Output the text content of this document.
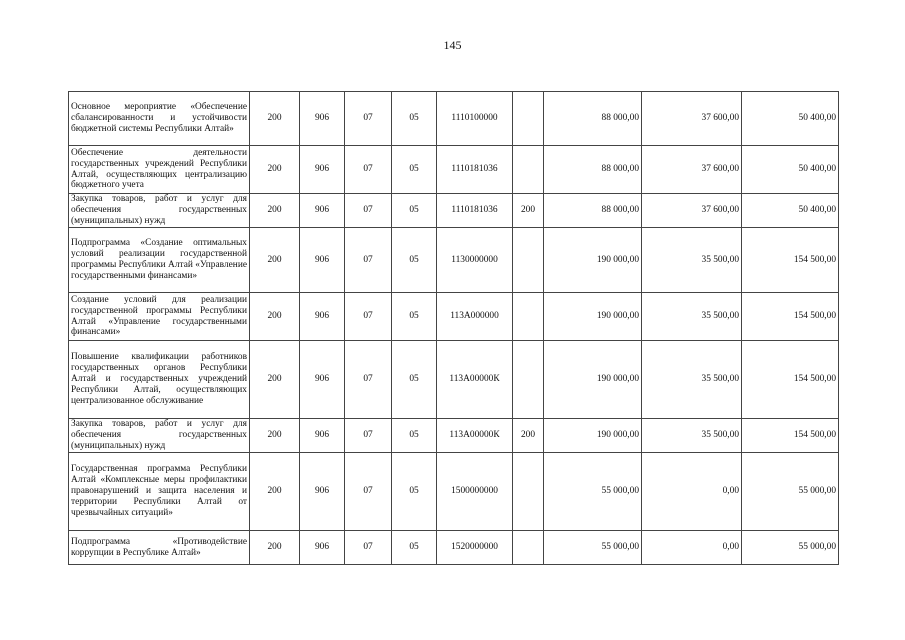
145
Основное мероприятие «Обеспечение сбалансированности и устойчивости бюджетной системы Республики Алтай»	200	906	07	05	1110100000		88 000,00	37 600,00	50 400,00
Обеспечение деятельности государственных учреждений Республики Алтай, осуществляющих централизацию бюджетного учета	200	906	07	05	1110181036		88 000,00	37 600,00	50 400,00
Закупка товаров, работ и услуг для обеспечения государственных (муниципальных) нужд	200	906	07	05	1110181036	200	88 000,00	37 600,00	50 400,00
Подпрограмма «Создание оптимальных условий реализации государственной программы Республики Алтай «Управление государственными финансами»	200	906	07	05	1130000000		190 000,00	35 500,00	154 500,00
Создание условий для реализации государственной программы Республики Алтай «Управление государственными финансами»	200	906	07	05	113А000000		190 000,00	35 500,00	154 500,00
Повышение квалификации работников государственных органов Республики Алтай и государственных учреждений Республики Алтай, осуществляющих централизованное обслуживание	200	906	07	05	113А00000К		190 000,00	35 500,00	154 500,00
Закупка товаров, работ и услуг для обеспечения государственных (муниципальных) нужд	200	906	07	05	113А00000К	200	190 000,00	35 500,00	154 500,00
Государственная программа Республики Алтай «Комплексные меры профилактики правонарушений и защита населения и территории Республики Алтай от чрезвычайных ситуаций»	200	906	07	05	1500000000		55 000,00	0,00	55 000,00
Подпрограмма «Противодействие коррупции в Республике Алтай»	200	906	07	05	1520000000		55 000,00	0,00	55 000,00
